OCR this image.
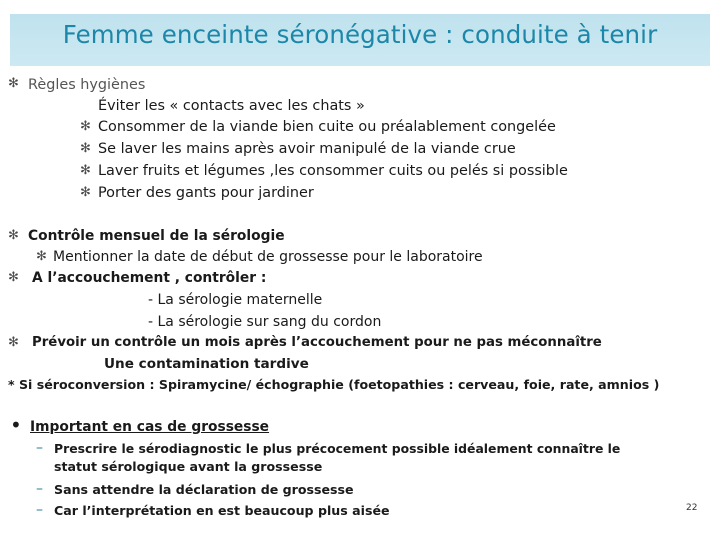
Femme enceinte séronégative : conduite à tenir
✻ Règles hygiènes
Éviter les « contacts avec les chats »
✻ Consommer de la viande bien cuite ou préalablement congelée
✻ Se laver les mains après avoir manipulé de la viande crue
✻ Laver fruits et légumes ,les consommer cuits ou pelés si possible
✻ Porter des gants pour jardiner
✻ Contrôle mensuel de la sérologie
✻ Mentionner la date de début de grossesse pour le laboratoire
✻ A l’accouchement , contrôler :
- La sérologie maternelle
- La sérologie sur sang du cordon
✻ Prévoir un contrôle un mois après l’accouchement pour ne pas méconnaître
Une contamination tardive
* Si séroconversion : Spiramycine/ échographie (foetopathies : cerveau, foie, rate, amnios )
• Important en cas de grossesse
– Prescrire le sérodiagnostic le plus précocement possible idéalement connaître le
statut sérologique avant la grossesse
– Sans attendre la déclaration de grossesse
– Car l’interprétation en est beaucoup plus aisée	22
